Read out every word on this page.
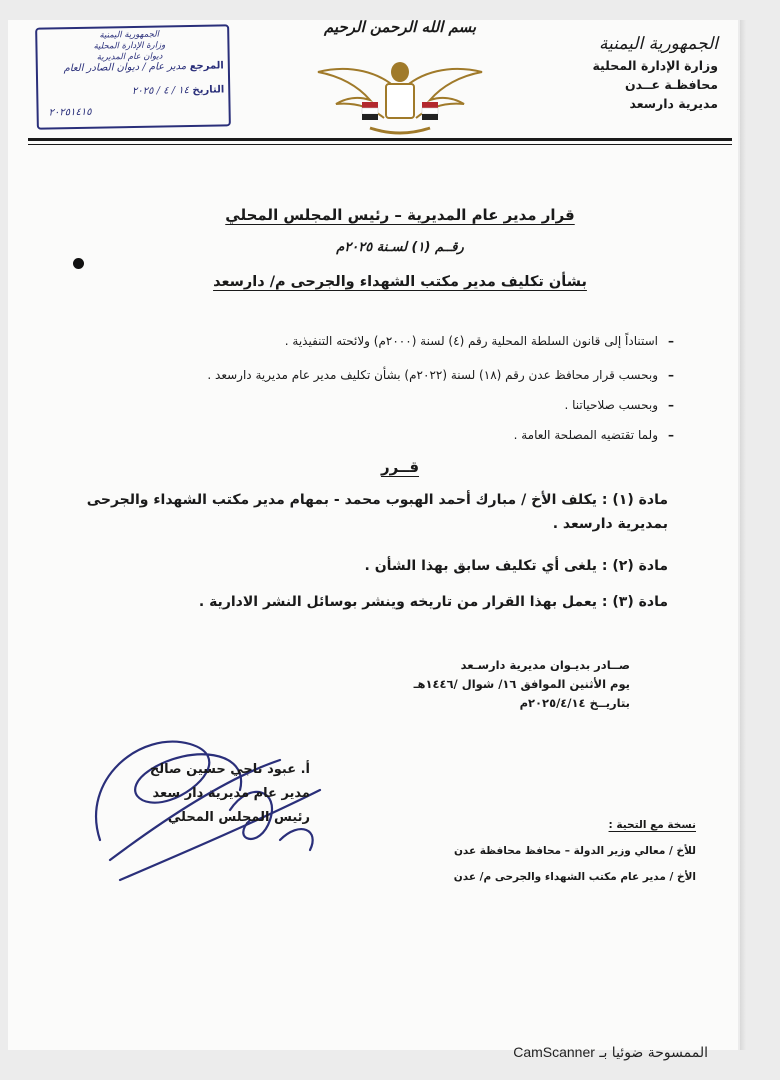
الجمهورية اليمنية
وزارة الإدارة المحلية
محافظـة عــدن
مديرية دارسعد
بسم الله الرحمن الرحيم
الجمهورية اليمنية
وزارة الإدارة المحلية
ديوان عام المديرية
المرجع مدير عام / ديوان الصادر العام
التاريخ ١٤ / ٤ / ٢٠٢٥
٢٠٢٥١٤١٥
قرار مدير عام المديرية – رئيس المجلس المحلي
رقــم (١) لسـنة ٢٠٢٥م
بشأن تكليف مدير مكتب الشهداء والجرحى م/ دارسعد
–استناداً إلى قانون السلطة المحلية رقم (٤) لسنة (٢٠٠٠م) ولائحته التنفيذية .
–وبحسب قرار محافظ عدن رقم (١٨) لسنة (٢٠٢٢م) بشأن تكليف مدير عام مديرية دارسعد .
–وبحسب صلاحياتنا .
–ولما تقتضيه المصلحة العامة .
قــرر
مادة (١) : يكلف الأخ / مبارك أحمد الهبوب محمد - بمهام مدير مكتب الشهداء والجرحى بمديرية دارسعد .
مادة (٢) : يلغى أي تكليف سابق بهذا الشأن .
مادة (٣) : يعمل بهذا القرار من تاريخه وينشر بوسائل النشر الادارية .
صــادر بديـوان مديرية دارسـعد
يوم الأثنين الموافق ١٦/ شوال /١٤٤٦هـ
بتاريــخ ٢٠٢٥/٤/١٤م
أ. عبود ناجي حسين صالح
مدير عام مديرية دار سعد
رئيس المجلس المحلي	نسخة مع التحية :
للأخ / معالي وزير الدولة – محافظ محافظة عدن
الأخ / مدير عام مكتب الشهداء والجرحى م/ عدن
CamScanner الممسوحة ضوئيا بـ
